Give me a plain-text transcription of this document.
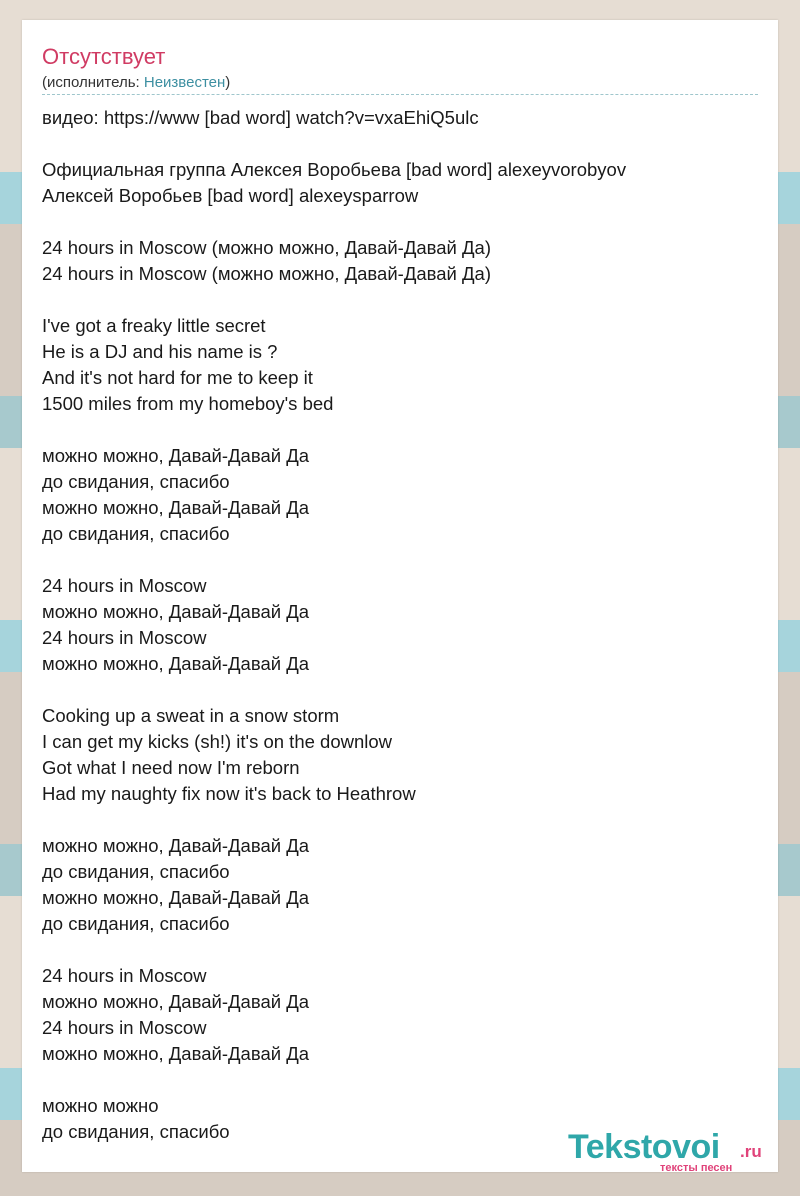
Отсутствует
(исполнитель: Неизвестен)
видео: https://www [bad word] watch?v=vxaEhiQ5ulc
Официальная группа Алексея Воробьева [bad word] alexeyvorobyov
Алексей Воробьев [bad word] alexeysparrow
24 hours in Moscow (можно можно, Давай-Давай Да)
24 hours in Moscow (можно можно, Давай-Давай Да)
I've got a freaky little secret
He is a DJ and his name is ?
And it's not hard for me to keep it
1500 miles from my homeboy's bed
можно можно, Давай-Давай Да
до свидания, спасибо
можно можно, Давай-Давай Да
до свидания, спасибо
24 hours in Moscow
можно можно, Давай-Давай Да
24 hours in Moscow
можно можно, Давай-Давай Да
Cooking up a sweat in a snow storm
I can get my kicks (sh!) it's on the downlow
Got what I need now I'm reborn
Had my naughty fix now it's back to Heathrow
можно можно, Давай-Давай Да
до свидания, спасибо
можно можно, Давай-Давай Да
до свидания, спасибо
24 hours in Moscow
можно можно, Давай-Давай Да
24 hours in Moscow
можно можно, Давай-Давай Да
можно можно
до свидания, спасибо	Tekstovoi .ru
тексты песен
